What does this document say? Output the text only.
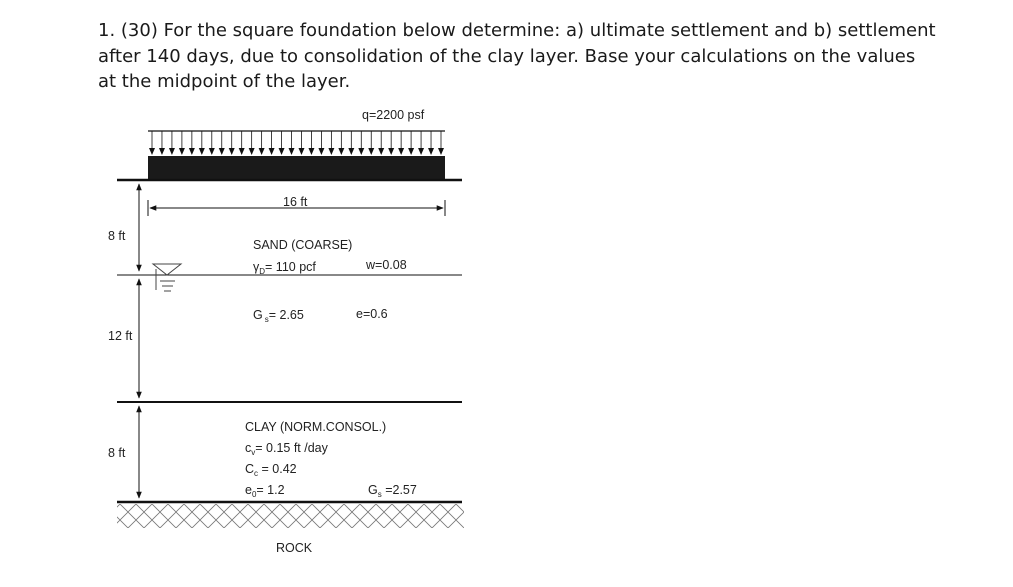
1. (30) For the square foundation below determine: a) ultimate settlement and b) settlement after 140 days, due to consolidation of the clay layer. Base your calculations on the values at the midpoint of the layer.

q=2200 psf
16 ft
8 ft
12 ft
8 ft
SAND (COARSE)
$\gamma_D= 110$ pcf	w=0.08
G $_s$= 2.65	e=0.6
CLAY (NORM.CONSOL.)
$c_v= 0.15$ ft /day
$C_c = 0.42$
$e_0= 1.2$	$G_s =2.57$
ROCK
